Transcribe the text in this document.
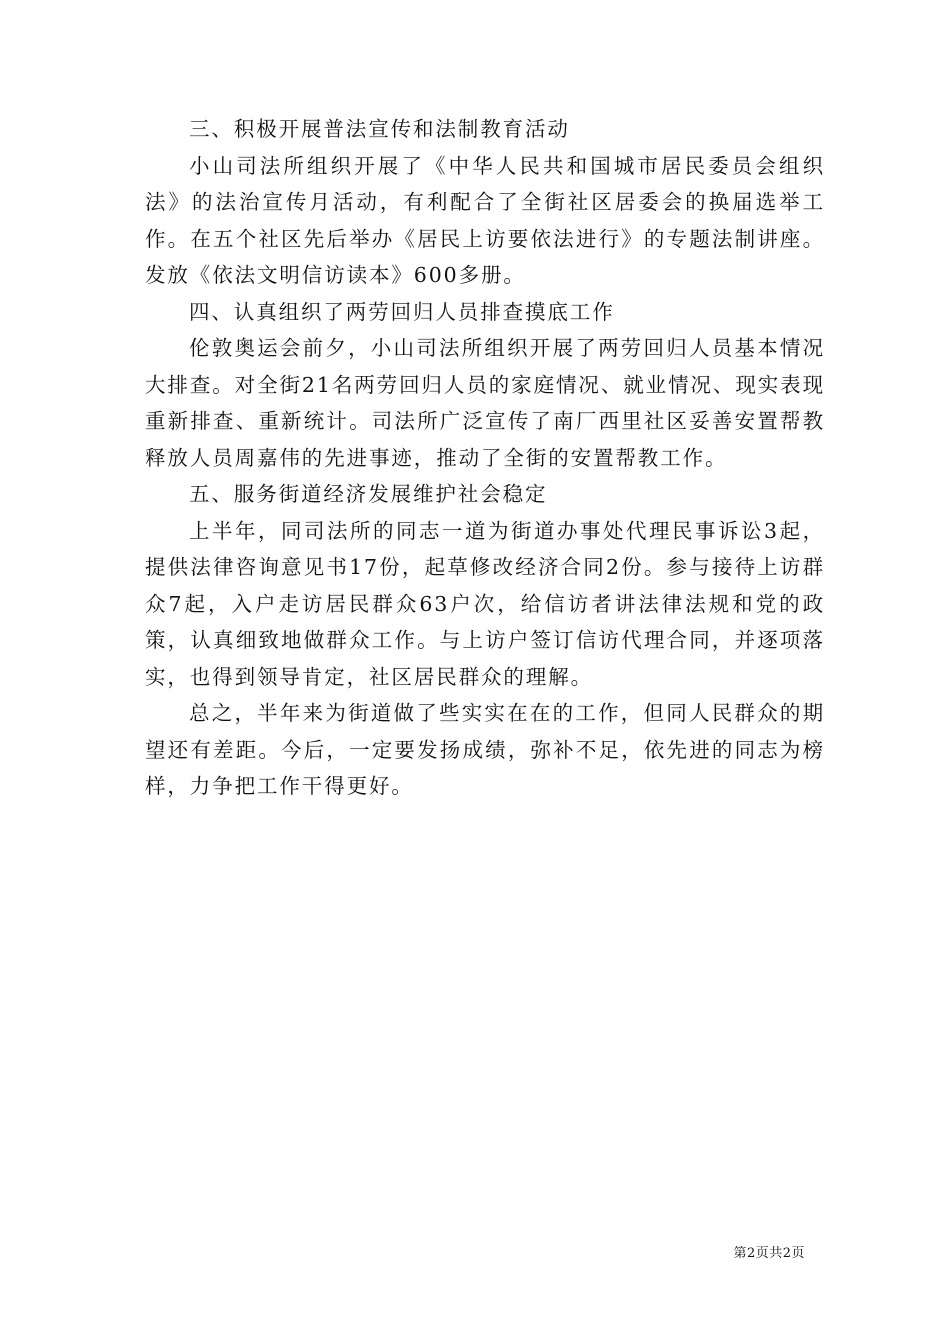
三、积极开展普法宣传和法制教育活动

小山司法所组织开展了《中华人民共和国城市居民委员会组织法》的法治宣传月活动，有利配合了全街社区居委会的换届选举工作。在五个社区先后举办《居民上访要依法进行》的专题法制讲座。发放《依法文明信访读本》600多册。

四、认真组织了两劳回归人员排查摸底工作

伦敦奥运会前夕，小山司法所组织开展了两劳回归人员基本情况大排查。对全街21名两劳回归人员的家庭情况、就业情况、现实表现重新排查、重新统计。司法所广泛宣传了南厂西里社区妥善安置帮教释放人员周嘉伟的先进事迹，推动了全街的安置帮教工作。

五、服务街道经济发展维护社会稳定

上半年，同司法所的同志一道为街道办事处代理民事诉讼3起，提供法律咨询意见书17份，起草修改经济合同2份。参与接待上访群众7起，入户走访居民群众63户次，给信访者讲法律法规和党的政策，认真细致地做群众工作。与上访户签订信访代理合同，并逐项落实，也得到领导肯定，社区居民群众的理解。

总之，半年来为街道做了些实实在在的工作，但同人民群众的期望还有差距。今后，一定要发扬成绩，弥补不足，依先进的同志为榜样，力争把工作干得更好。

第2页共2页
